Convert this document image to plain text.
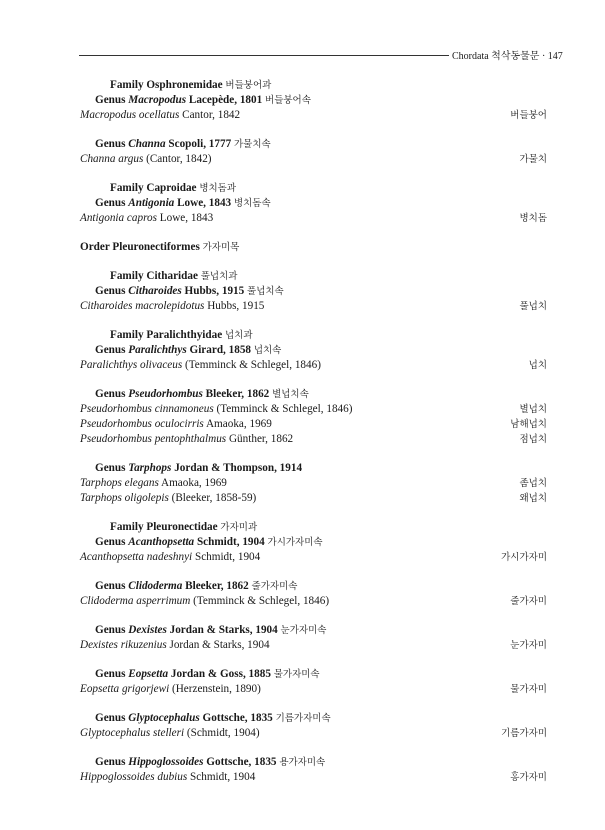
Chordata 척삭동물문 · 147
Family Osphronemidae 버들붕어과
Genus Macropodus Lacepède, 1801 버들붕어속
Macropodus ocellatus Cantor, 1842	버들붕어
Genus Channa Scopoli, 1777 가물치속
Channa argus (Cantor, 1842)	가물치
Family Caproidae 병치돔과
Genus Antigonia Lowe, 1843 병치돔속
Antigonia capros Lowe, 1843	병치돔
Order Pleuronectiformes 가자미목
Family Citharidae 풀넙치과
Genus Citharoides Hubbs, 1915 풀넙치속
Citharoides macrolepidotus Hubbs, 1915	풀넙치
Family Paralichthyidae 넙치과
Genus Paralichthys Girard, 1858 넙치속
Paralichthys olivaceus (Temminck & Schlegel, 1846)	넙치
Genus Pseudorhombus Bleeker, 1862 별넙치속
Pseudorhombus cinnamoneus (Temminck & Schlegel, 1846)	별넙치
Pseudorhombus oculocirris Amaoka, 1969	남해넙치
Pseudorhombus pentophthalmus Günther, 1862	점넙치
Genus Tarphops Jordan & Thompson, 1914
Tarphops elegans Amaoka, 1969	좀넙치
Tarphops oligolepis (Bleeker, 1858-59)	왜넙치
Family Pleuronectidae 가자미과
Genus Acanthopsetta Schmidt, 1904 가시가자미속
Acanthopsetta nadeshnyi Schmidt, 1904	가시가자미
Genus Clidoderma Bleeker, 1862 줄가자미속
Clidoderma asperrimum (Temminck & Schlegel, 1846)	줄가자미
Genus Dexistes Jordan & Starks, 1904 눈가자미속
Dexistes rikuzenius Jordan & Starks, 1904	눈가자미
Genus Eopsetta Jordan & Goss, 1885 물가자미속
Eopsetta grigorjewi (Herzenstein, 1890)	물가자미
Genus Glyptocephalus Gottsche, 1835 기름가자미속
Glyptocephalus stelleri (Schmidt, 1904)	기름가자미
Genus Hippoglossoides Gottsche, 1835 용가자미속
Hippoglossoides dubius Schmidt, 1904	홍가자미
